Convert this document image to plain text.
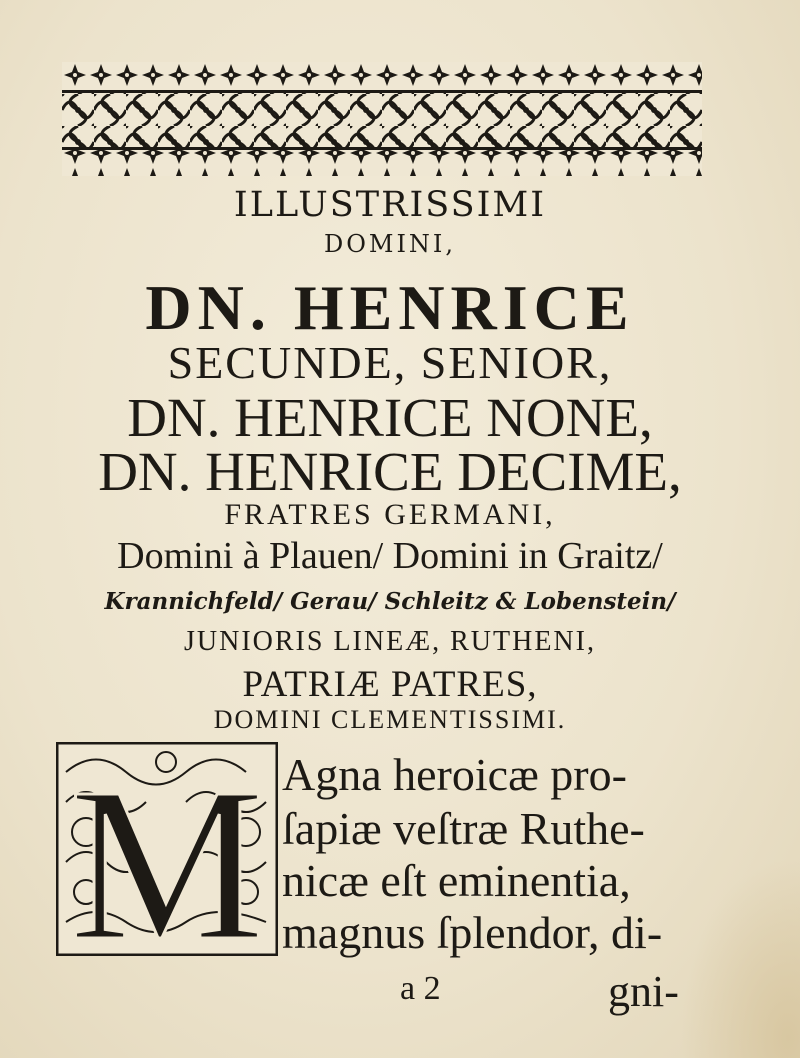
ILLUSTRISSIMI
DOMINI,
DN. HENRICE
SECUNDE, SENIOR,
DN. HENRICE NONE,
DN. HENRICE DECIME,
FRATRES GERMANI,
Domini à Plauen/ Domini in Graitz/
Krannichfeld/ Gerau/ Schleitz & Lobenstein/
JUNIORIS LINEÆ, RUTHENI,
PATRIÆ PATRES,
DOMINI CLEMENTISSIMI.
M Agna heroicæ pro-
ſapiæ veſtræ Ruthe-
nicæ eſt eminentia,
magnus ſplendor, di-
a 2	gni-
